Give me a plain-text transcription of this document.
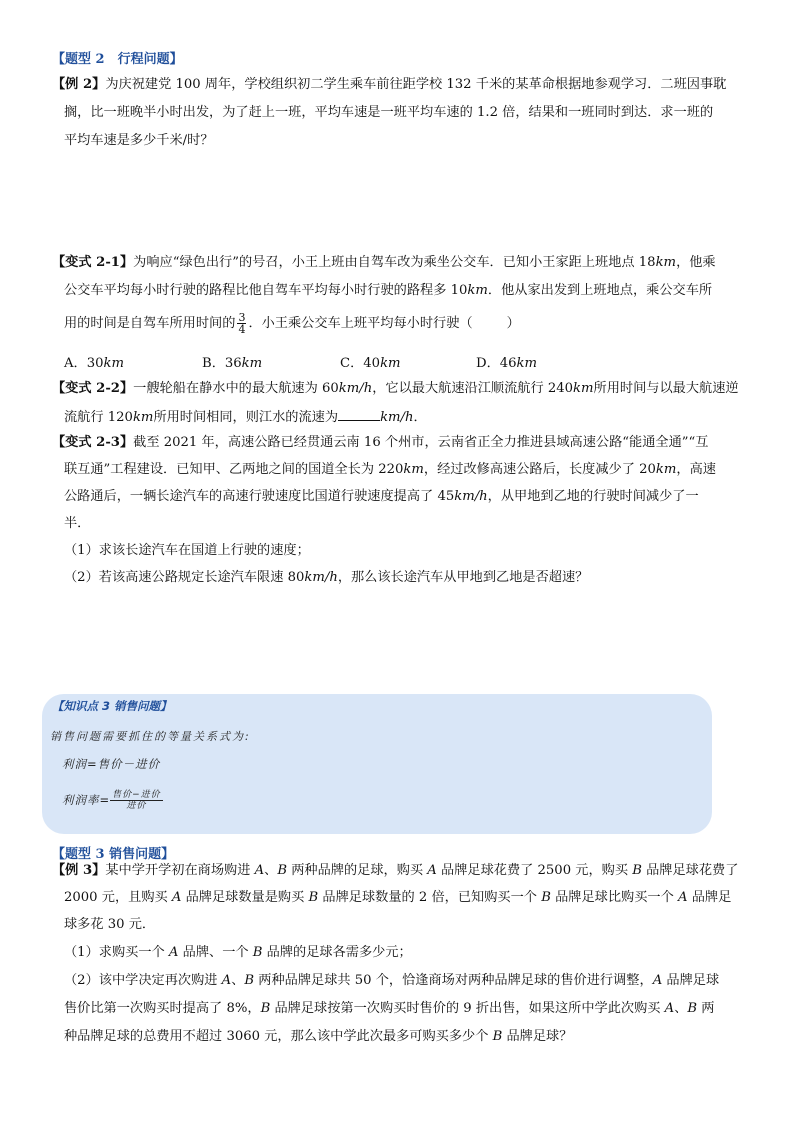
【题型 2　行程问题】
【例 2】为庆祝建党 100 周年，学校组织初二学生乘车前往距学校 132 千米的某革命根据地参观学习．二班因事耽
搁，比一班晚半小时出发，为了赶上一班，平均车速是一班平均车速的 1.2 倍，结果和一班同时到达．求一班的
平均车速是多少千米/时？
【变式 2-1】为响应“绿色出行”的号召，小王上班由自驾车改为乘坐公交车．已知小王家距上班地点 18km，他乘
公交车平均每小时行驶的路程比他自驾车平均每小时行驶的路程多 10km．他从家出发到上班地点，乘公交车所
用的时间是自驾车所用时间的 $\frac{3}{4}$ ．小王乘公交车上班平均每小时行驶（	）
A．30km	B．36km	C．40km	D．46km
【变式 2-2】一艘轮船在静水中的最大航速为 60km/h，它以最大航速沿江顺流航行 240km所用时间与以最大航速逆
流航行 120km所用时间相同，则江水的流速为	km/h．
【变式 2-3】截至 2021 年，高速公路已经贯通云南 16 个州市，云南省正全力推进县域高速公路“能通全通”“互
联互通”工程建设．已知甲、乙两地之间的国道全长为 220km，经过改修高速公路后，长度减少了 20km，高速
公路通后，一辆长途汽车的高速行驶速度比国道行驶速度提高了 45km/h，从甲地到乙地的行驶时间减少了一
半．
（1）求该长途汽车在国道上行驶的速度；
（2）若该高速公路规定长途汽车限速 80km/h，那么该长途汽车从甲地到乙地是否超速？
【知识点 3 销售问题】
销售问题需要抓住的等量关系式为:
利润=售价－进价
利润率= $\frac{\text{售价−进价}}{\text{进价}}$
【题型 3 销售问题】
【例 3】某中学开学初在商场购进 A、B 两种品牌的足球，购买 A 品牌足球花费了 2500 元，购买 B 品牌足球花费了
2000 元，且购买 A 品牌足球数量是购买 B 品牌足球数量的 2 倍，已知购买一个 B 品牌足球比购买一个 A 品牌足
球多花 30 元．
（1）求购买一个 A 品牌、一个 B 品牌的足球各需多少元；
（2）该中学决定再次购进 A、B 两种品牌足球共 50 个，恰逢商场对两种品牌足球的售价进行调整，A 品牌足球
售价比第一次购买时提高了 8%，B 品牌足球按第一次购买时售价的 9 折出售，如果这所中学此次购买 A、B 两
种品牌足球的总费用不超过 3060 元，那么该中学此次最多可购买多少个 B 品牌足球？
